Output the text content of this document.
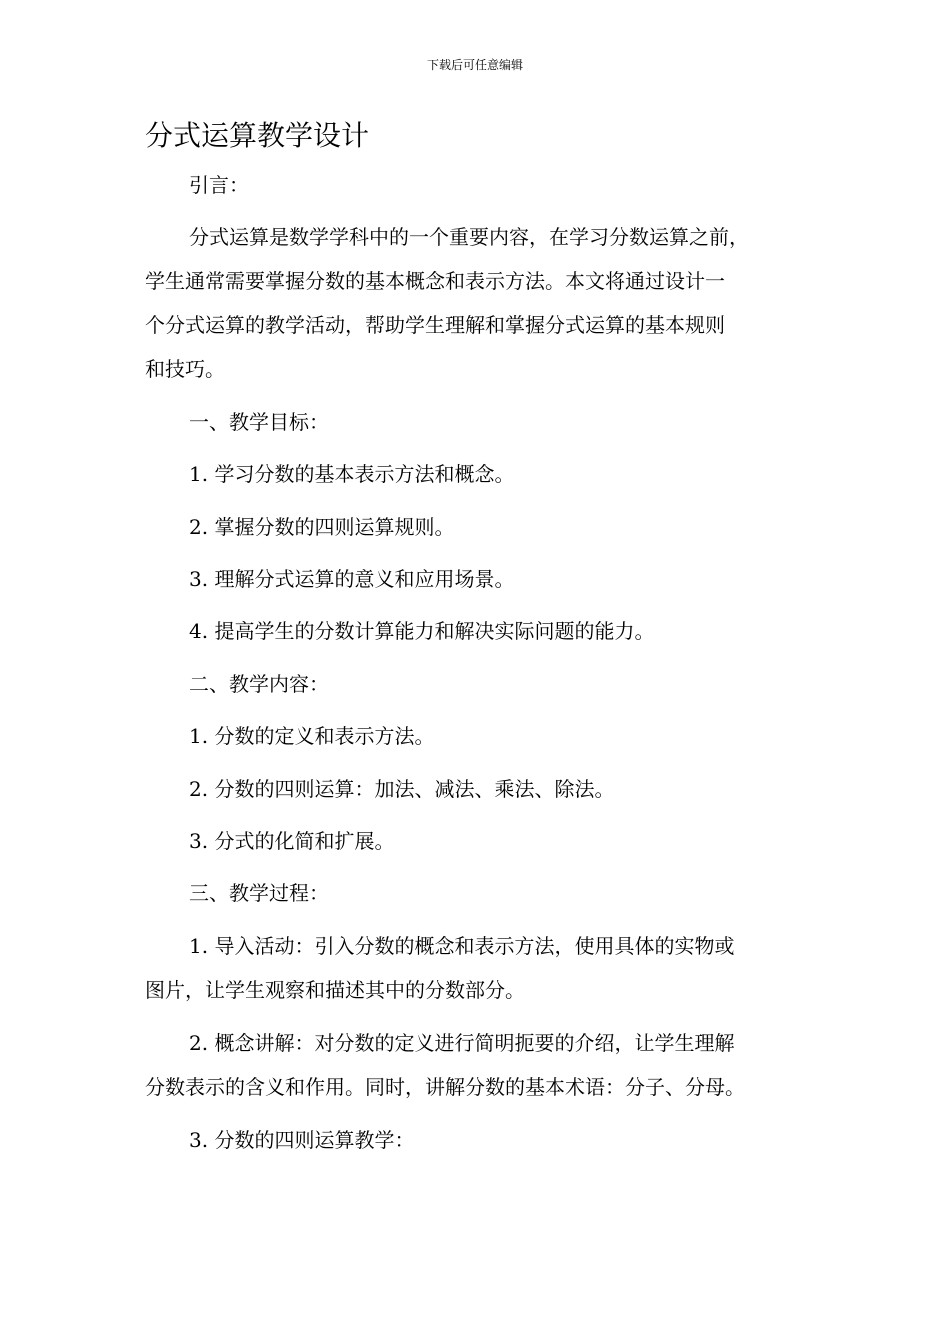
下载后可任意编辑
分式运算教学设计

引言：

分式运算是数学学科中的一个重要内容，在学习分数运算之前，
学生通常需要掌握分数的基本概念和表示方法。本文将通过设计一
个分式运算的教学活动，帮助学生理解和掌握分式运算的基本规则
和技巧。

一、教学目标：

1. 学习分数的基本表示方法和概念。

2. 掌握分数的四则运算规则。

3. 理解分式运算的意义和应用场景。

4. 提高学生的分数计算能力和解决实际问题的能力。

二、教学内容：

1. 分数的定义和表示方法。

2. 分数的四则运算：加法、减法、乘法、除法。

3. 分式的化简和扩展。

三、教学过程：

1. 导入活动：引入分数的概念和表示方法，使用具体的实物或
图片，让学生观察和描述其中的分数部分。
2. 概念讲解：对分数的定义进行简明扼要的介绍，让学生理解
分数表示的含义和作用。同时，讲解分数的基本术语：分子、分母。

3. 分数的四则运算教学：
